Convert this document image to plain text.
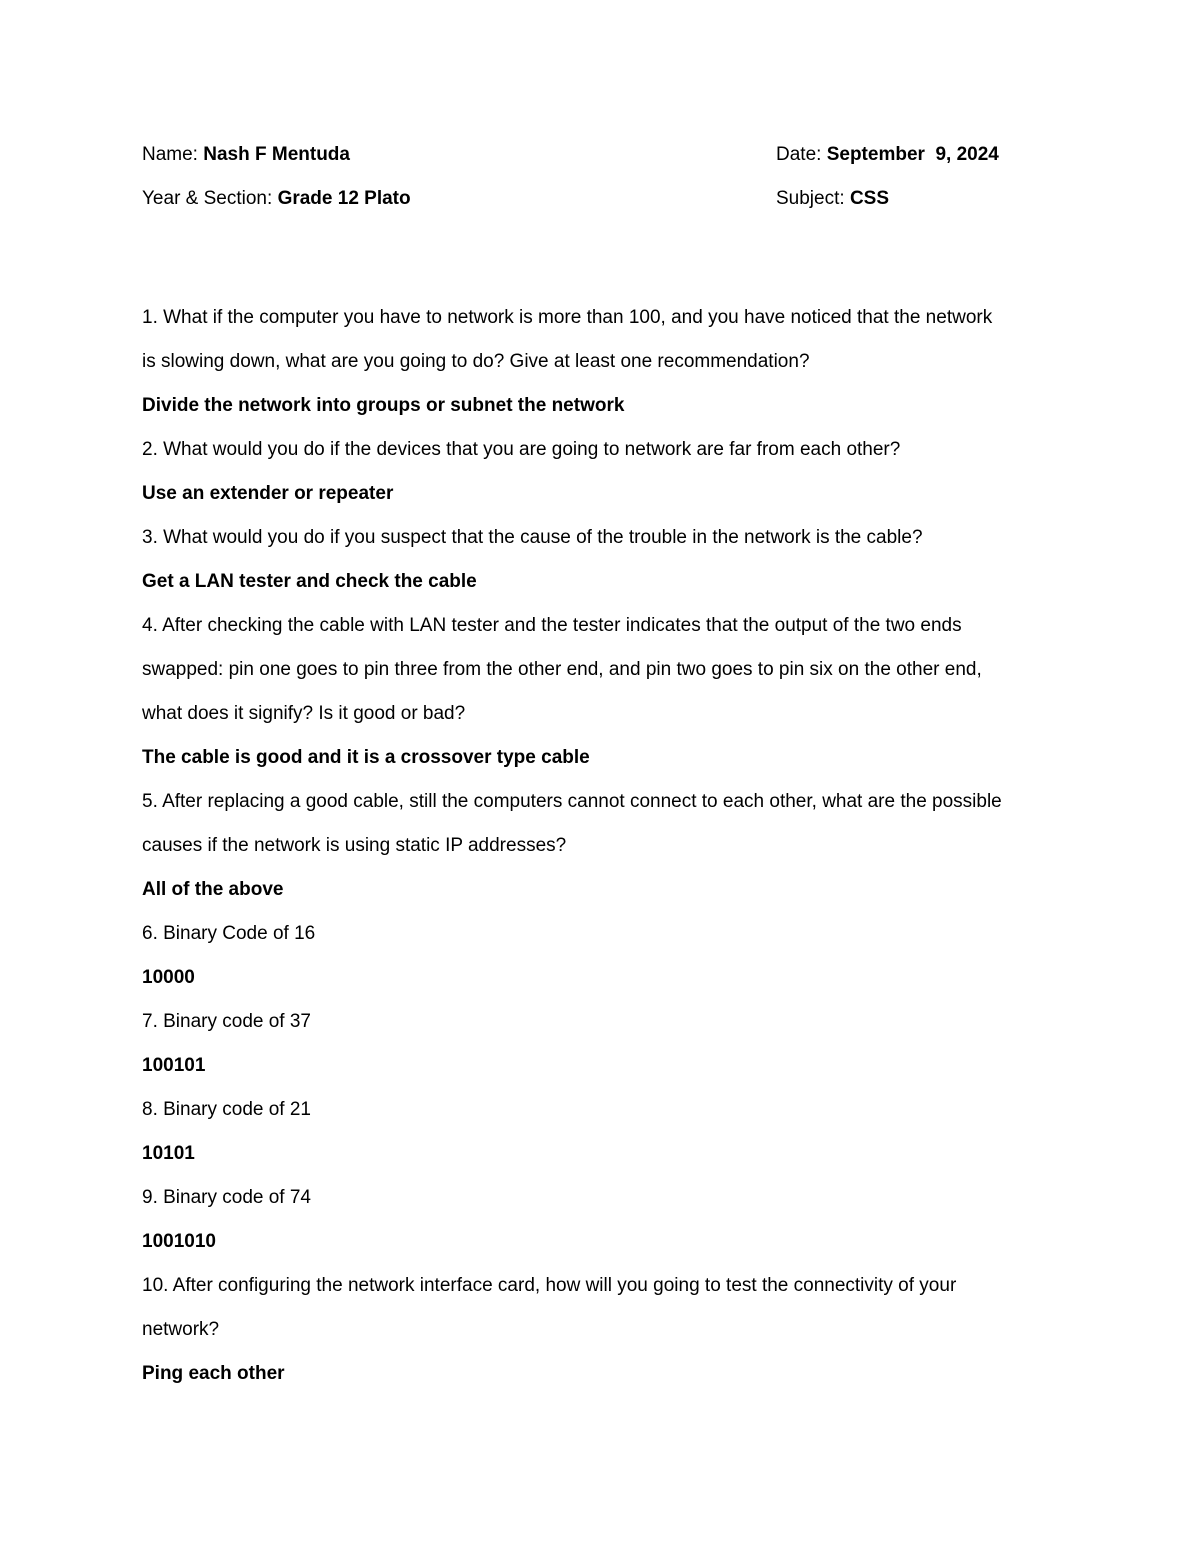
Name: Nash F Mentuda	Date: September  9, 2024
Year & Section: Grade 12 Plato	Subject: CSS

1. What if the computer you have to network is more than 100, and you have noticed that the network

is slowing down, what are you going to do? Give at least one recommendation?

Divide the network into groups or subnet the network

2. What would you do if the devices that you are going to network are far from each other?

Use an extender or repeater

3. What would you do if you suspect that the cause of the trouble in the network is the cable?

Get a LAN tester and check the cable

4. After checking the cable with LAN tester and the tester indicates that the output of the two ends

swapped: pin one goes to pin three from the other end, and pin two goes to pin six on the other end,

what does it signify? Is it good or bad?

The cable is good and it is a crossover type cable

5. After replacing a good cable, still the computers cannot connect to each other, what are the possible

causes if the network is using static IP addresses?

All of the above

6. Binary Code of 16

10000

7. Binary code of 37

100101

8. Binary code of 21

10101

9. Binary code of 74

1001010

10. After configuring the network interface card, how will you going to test the connectivity of your

network?

Ping each other
